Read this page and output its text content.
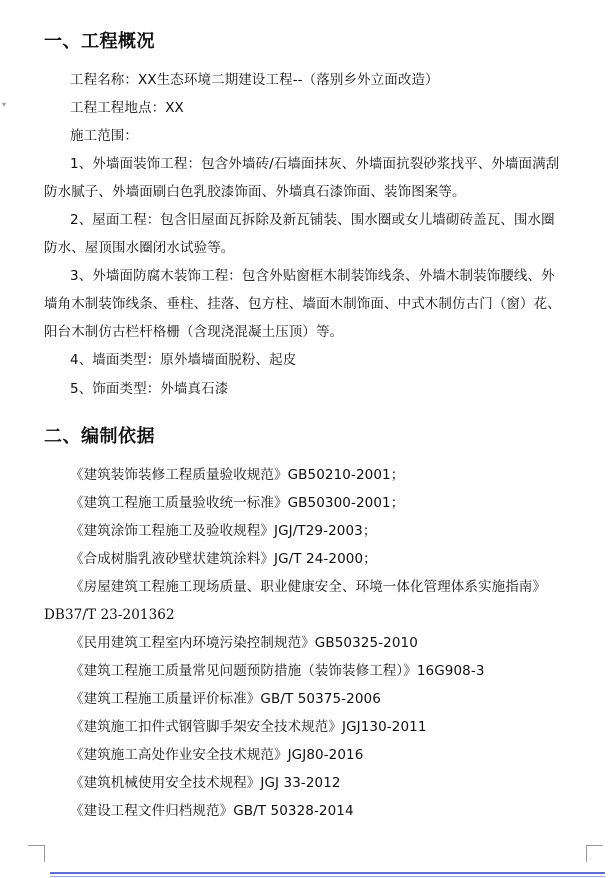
▾
一、工程概况
工程名称：XX生态环境二期建设工程--（落别乡外立面改造）
工程工程地点：XX
施工范围：
1、外墙面装饰工程：包含外墙砖/石墙面抹灰、外墙面抗裂砂浆找平、外墙面满刮
防水腻子、外墙面刷白色乳胶漆饰面、外墙真石漆饰面、装饰图案等。
2、屋面工程：包含旧屋面瓦拆除及新瓦铺装、围水圈或女儿墙砌砖盖瓦、围水圈
防水、屋顶围水圈闭水试验等。
3、外墙面防腐木装饰工程：包含外贴窗框木制装饰线条、外墙木制装饰腰线、外
墙角木制装饰线条、垂柱、挂落、包方柱、墙面木制饰面、中式木制仿古门（窗）花、
阳台木制仿古栏杆格栅（含现浇混凝土压顶）等。
4、墙面类型：原外墙墙面脱粉、起皮
5、饰面类型：外墙真石漆
二、编制依据
《建筑装饰装修工程质量验收规范》GB50210-2001；
《建筑工程施工质量验收统一标准》GB50300-2001；
《建筑涂饰工程施工及验收规程》JGJ/T29-2003；
《合成树脂乳液砂壁状建筑涂料》JG/T 24-2000；
《房屋建筑工程施工现场质量、职业健康安全、环境一体化管理体系实施指南》
DB37/T 23-201362
《民用建筑工程室内环境污染控制规范》GB50325-2010
《建筑工程施工质量常见问题预防措施（装饰装修工程）》16G908-3
《建筑工程施工质量评价标准》GB/T 50375-2006
《建筑施工扣件式钢管脚手架安全技术规范》JGJ130-2011
《建筑施工高处作业安全技术规范》JGJ80-2016
《建筑机械使用安全技术规程》JGJ 33-2012
《建设工程文件归档规范》GB/T 50328-2014
